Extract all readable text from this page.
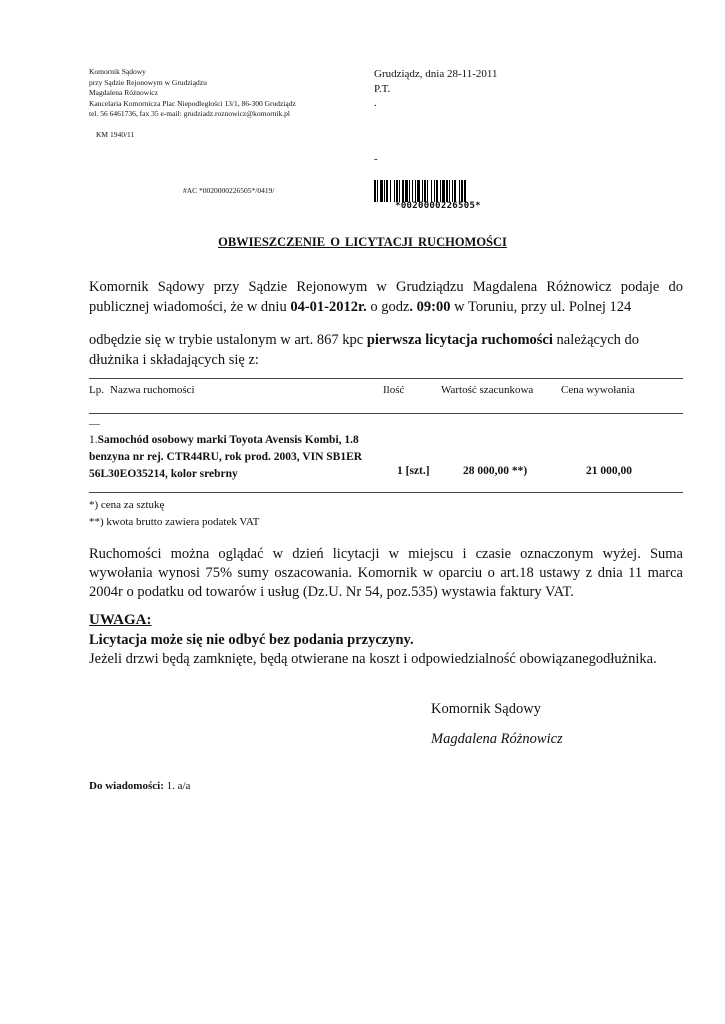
Komornik Sądowy
przy Sądzie Rejonowym w Grudziądzu
Magdalena Różnowicz
Kancelaria Komornicza Plac Niepodległości 13/1, 86-300 Grudziądz
tel. 56 6461736, fax 35 e-mail: grudziadz.roznowicz@komornik.pl
KM 1940/11
Grudziądz, dnia 28-11-2011
P.T.
.
-
#AC *0020000226505*/0419/
*0020000226505*
OBWIESZCZENIE O LICYTACJI RUCHOMOŚCI
Komornik Sądowy przy Sądzie Rejonowym w Grudziądzu Magdalena Różnowicz podaje do publicznej wiadomości, że w dniu 04-01-2012r. o godz. 09:00 w Toruniu, przy ul. Polnej 124
odbędzie się w trybie ustalonym w art. 867 kpc pierwsza licytacja ruchomości należących do dłużnika i składających się z:
Lp. Nazwa ruchomości	Ilość	Wartość szacunkowa	Cena wywołania
__
1.Samochód osobowy marki Toyota Avensis Kombi, 1.8
benzyna nr rej. CTR44RU, rok prod. 2003, VIN SB1ER
56L30EO35214, kolor srebrny	1 [szt.]	28 000,00 **)	21 000,00
*) cena za sztukę
**) kwota brutto zawiera podatek VAT
Ruchomości można oglądać w dzień licytacji w miejscu i czasie oznaczonym wyżej. Suma wywołania wynosi 75% sumy oszacowania. Komornik w oparciu o art.18 ustawy z dnia 11 marca 2004r o podatku od towarów i usług (Dz.U. Nr 54, poz.535) wystawia faktury VAT.
UWAGA:
Licytacja może się nie odbyć bez podania przyczyny.
Jeżeli drzwi będą zamknięte, będą otwierane na koszt i odpowiedzialność obowiązanegodłużnika.
Komornik Sądowy
Magdalena Różnowicz
Do wiadomości: 1. a/a
